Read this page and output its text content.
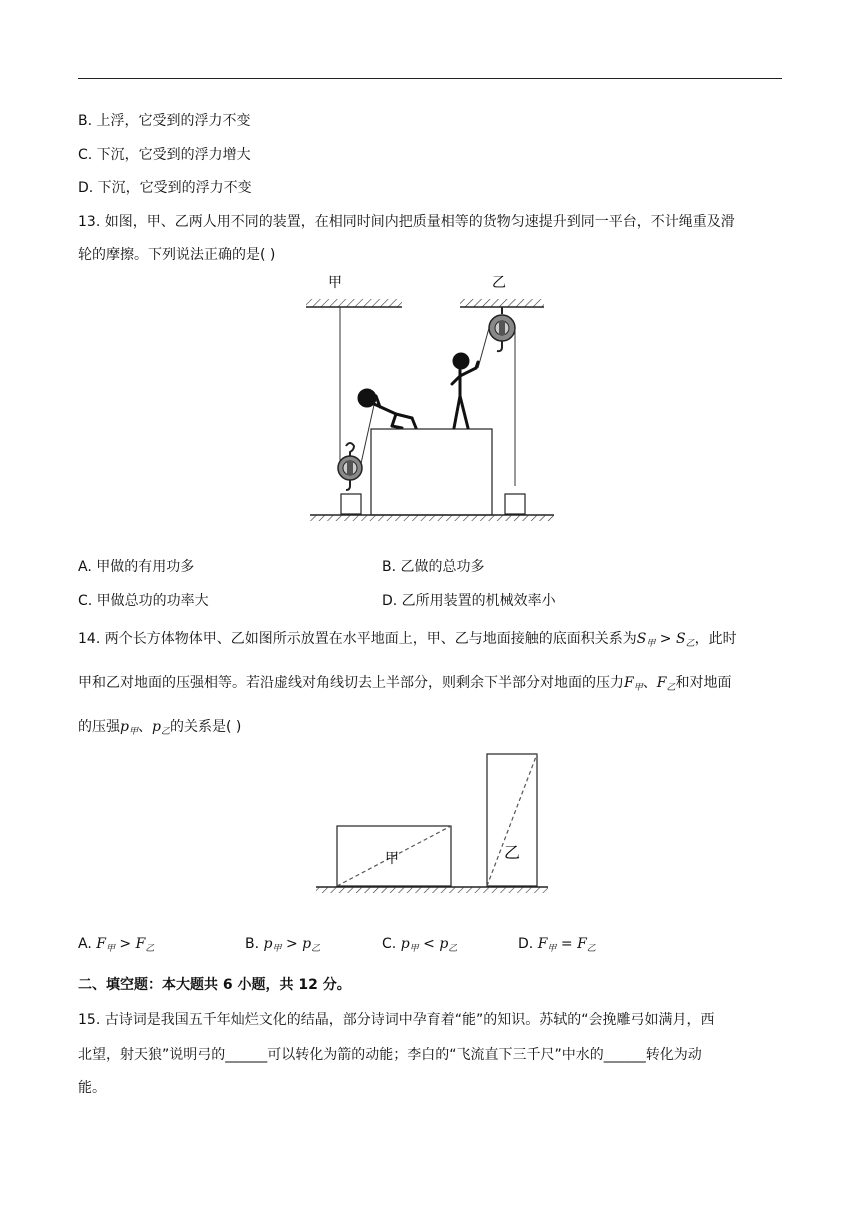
B. 上浮，它受到的浮力不变
C. 下沉，它受到的浮力增大
D. 下沉，它受到的浮力不变
13. 如图，甲、乙两人用不同的装置，在相同时间内把质量相等的货物匀速提升到同一平台，不计绳重及滑
轮的摩擦。下列说法正确的是( )
甲	乙
A. 甲做的有用功多	B. 乙做的总功多
C. 甲做总功的功率大	D. 乙所用装置的机械效率小
14. 两个长方体物体甲、乙如图所示放置在水平地面上，甲、乙与地面接触的底面积关系为$S_甲 > S_乙$，此时
甲和乙对地面的压强相等。若沿虚线对角线切去上半部分，则剩余下半部分对地面的压力$F_甲$、$F_乙$和对地面
的压强$p_甲$、$p_乙$的关系是( )
甲	乙
A. $F_甲 > F_乙$	B. $p_甲 > p_乙$	C. $p_甲 < p_乙$	D. $F_甲 = F_乙$
二、填空题：本大题共 6 小题，共 12 分。
15. 古诗词是我国五千年灿烂文化的结晶，部分诗词中孕育着“能”的知识。苏轼的“会挽雕弓如满月，西
北望，射天狼”说明弓的______可以转化为箭的动能；李白的“飞流直下三千尺”中水的______转化为动
能。
